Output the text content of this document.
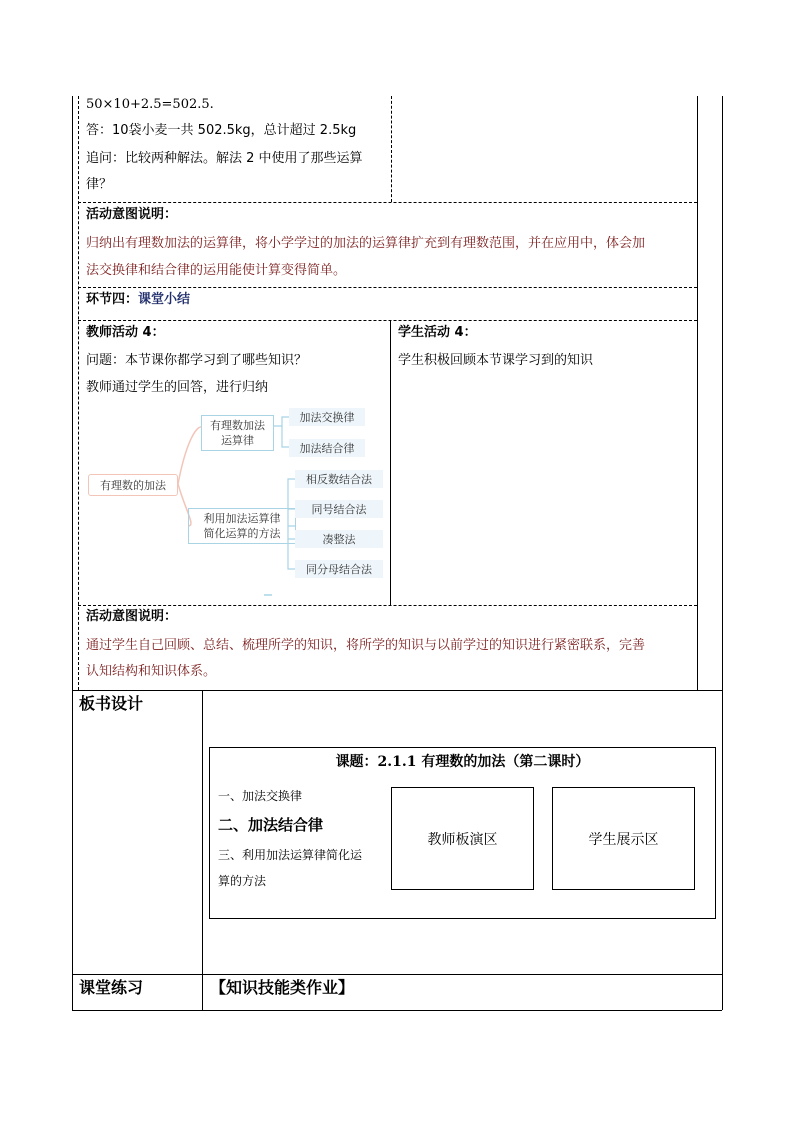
50×10+2.5=502.5.
答：10袋小麦一共 502.5kg，总计超过 2.5kg
追问：比较两种解法。解法 2 中使用了那些运算
律？
活动意图说明：
归纳出有理数加法的运算律，将小学学过的加法的运算律扩充到有理数范围，并在应用中，体会加
法交换律和结合律的运用能使计算变得简单。
环节四：课堂小结
教师活动 4：
问题：本节课你都学习到了哪些知识？
教师通过学生的回答，进行归纳
学生活动 4：
学生积极回顾本节课学习到的知识
有理数的加法
有理数加法
运算律
利用加法运算律
简化运算的方法
加法交换律
加法结合律
相反数结合法
同号结合法
凑整法
同分母结合法
活动意图说明：
通过学生自己回顾、总结、梳理所学的知识，将所学的知识与以前学过的知识进行紧密联系，完善
认知结构和知识体系。
板书设计
课题：2.1.1 有理数的加法（第二课时）
一、加法交换律
二、加法结合律
三、利用加法运算律简化运
算的方法
教师板演区	学生展示区
课堂练习	【知识技能类作业】
